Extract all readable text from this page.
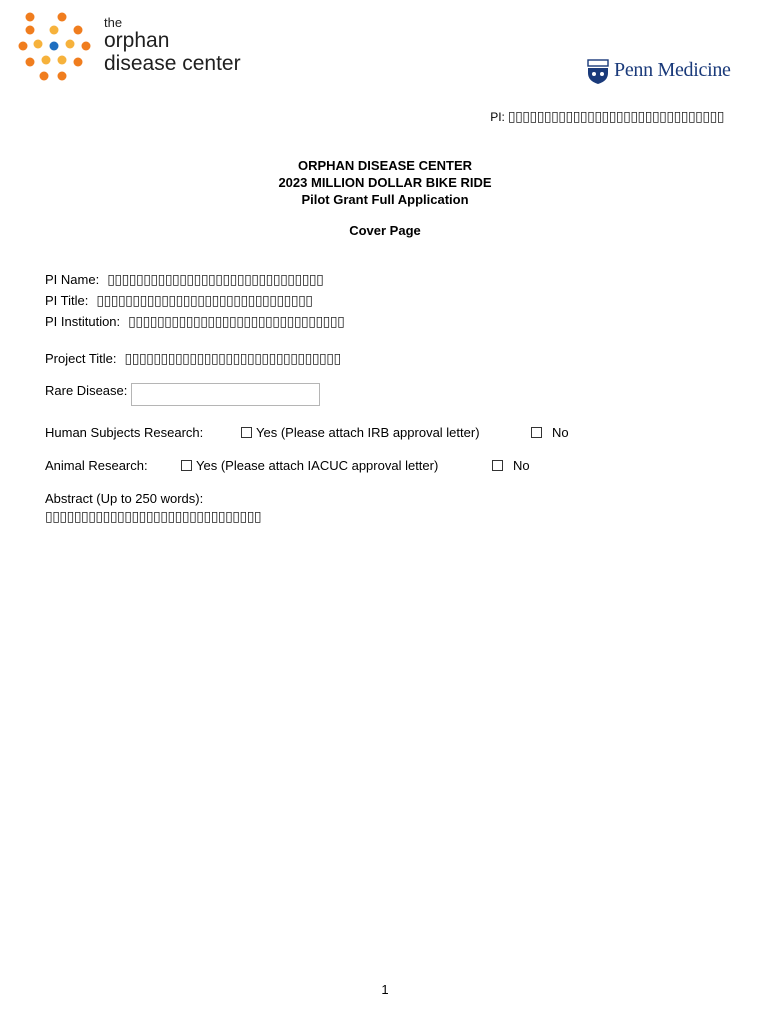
the
orphan
disease center	Penn Medicine
PI: ▯▯▯▯▯▯▯▯▯▯▯▯▯▯▯▯▯▯▯▯▯▯▯▯▯▯▯▯▯▯
ORPHAN DISEASE CENTER
2023 MILLION DOLLAR BIKE RIDE
Pilot Grant Full Application
Cover Page
PI Name: ▯▯▯▯▯▯▯▯▯▯▯▯▯▯▯▯▯▯▯▯▯▯▯▯▯▯▯▯▯▯
PI Title: ▯▯▯▯▯▯▯▯▯▯▯▯▯▯▯▯▯▯▯▯▯▯▯▯▯▯▯▯▯▯
PI Institution: ▯▯▯▯▯▯▯▯▯▯▯▯▯▯▯▯▯▯▯▯▯▯▯▯▯▯▯▯▯▯
Project Title: ▯▯▯▯▯▯▯▯▯▯▯▯▯▯▯▯▯▯▯▯▯▯▯▯▯▯▯▯▯▯
Rare Disease:
Human Subjects Research:	Yes (Please attach IRB approval letter)	No
Animal Research:	Yes (Please attach IACUC approval letter)	No
Abstract (Up to 250 words):
▯▯▯▯▯▯▯▯▯▯▯▯▯▯▯▯▯▯▯▯▯▯▯▯▯▯▯▯▯▯
1
